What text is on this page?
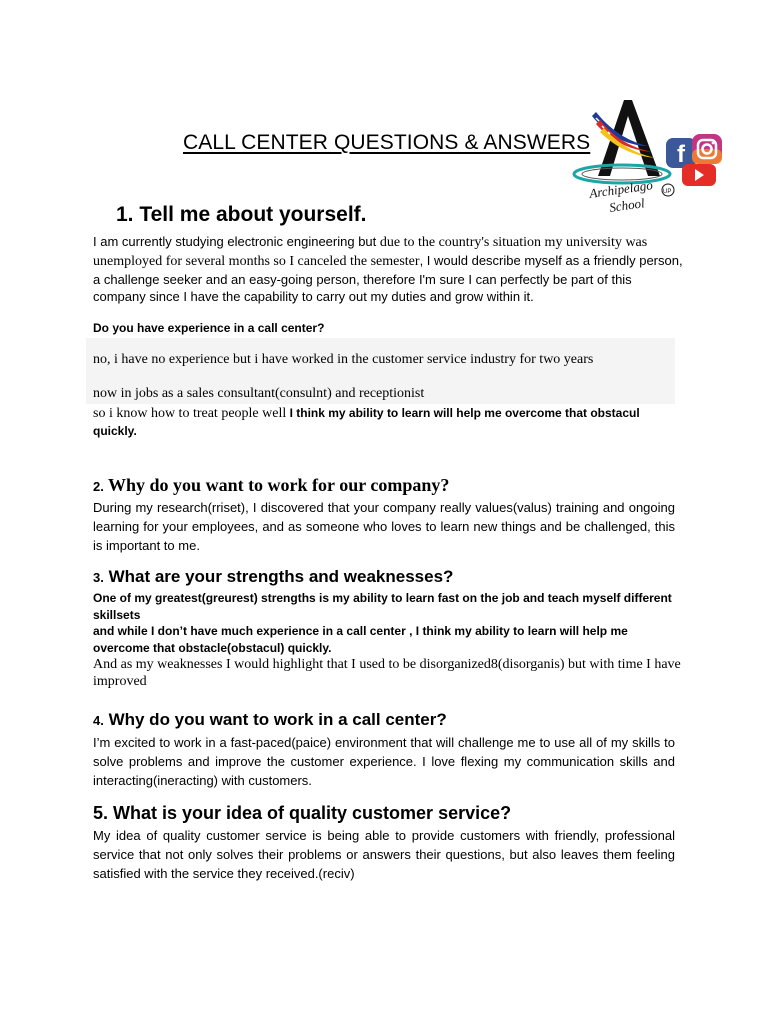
CALL CENTER QUESTIONS & ANSWERS	f
Archipelago
School
UP
1. Tell me about yourself.
I am currently studying electronic engineering but due to the country's situation my university was unemployed for several months so I canceled the semester, I would describe myself as a friendly person, a challenge seeker and an easy-going person, therefore I'm sure I can perfectly be part of this company since I have the capability to carry out my duties and grow within it.
Do you have experience in a call center?
no, i have no experience but i have worked in the customer service industry for two years
now in jobs as a sales consultant(consulnt) and receptionist
so i know how to treat people well I think my ability to learn will help me overcome that obstacul quickly.
2. Why do you want to work for our company?
During my research(rriset), I discovered that your company really values(valus) training and ongoing learning for your employees, and as someone who loves to learn new things and be challenged, this is important to me.
3. What are your strengths and weaknesses?
One of my greatest(greurest) strengths is my ability to learn fast on the job and teach myself different skillsets
and while I don’t have much experience in a call center , I think my ability to learn will help me overcome that obstacle(obstacul) quickly.
And as my weaknesses I would highlight that I used to be disorganized8(disorganis) but with time I have improved
4. Why do you want to work in a call center?
I’m excited to work in a fast-paced(paice) environment that will challenge me to use all of my skills to solve problems and improve the customer experience. I love flexing my communication skills and interacting(ineracting) with customers.
5. What is your idea of quality customer service?
My idea of quality customer service is being able to provide customers with friendly, professional service that not only solves their problems or answers their questions, but also leaves them feeling satisfied with the service they received.(reciv)
